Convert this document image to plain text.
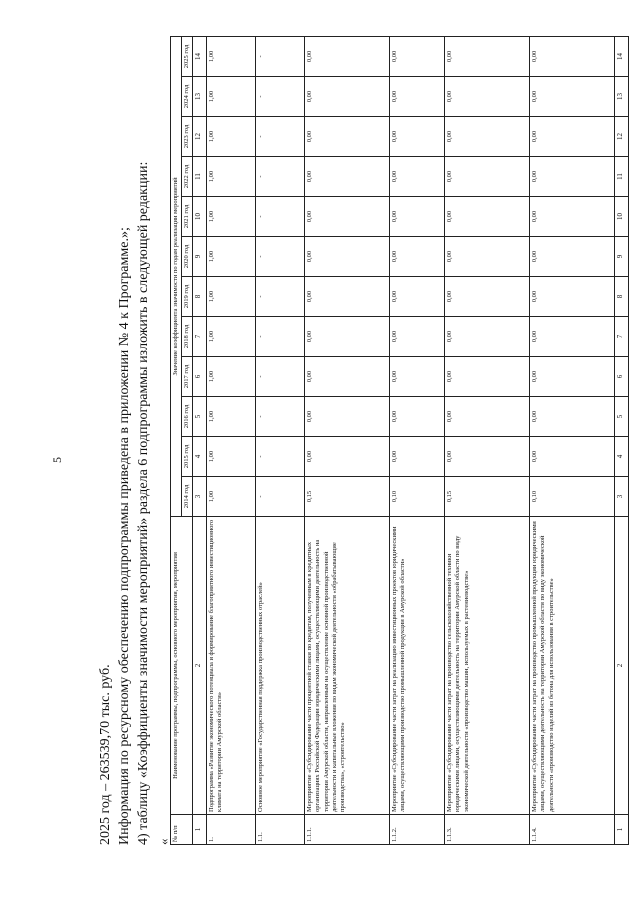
5
2025 год – 263539,70 тыс. руб. Информация по ресурсному обеспечению подпрограммы приведена в приложении № 4 к Программе.»; 4) таблицу «Коэффициенты значимости мероприятий» раздела 6 подпрограммы изложить в следующей редакции: « № п/п	Наименование программы, подпрограммы, основного мероприятия, мероприятия	Значение коэффициента значимости по годам реализации мероприятий											
		2014 год	2015 год	2016 год	2017 год	2018 год	2019 год	2020 год	2021 год	2022 год	2023 год	2024 год	2025 год
1	2	3	4	5	6	7	8	9	10	11	12	13	14
1.	Подпрограмма «Развитие экономического потенциала и формирование благоприятного инвестиционного климата на территории Амурской области»	1,00	1,00	1,00	1,00	1,00	1,00	1,00	1,00	1,00	1,00	1,00	1,00
1.1.	Основное мероприятие «Государственная поддержка производственных отраслей»	-	-	-	-	-	-	-	-	-	-	-	-
1.1.1.	Мероприятие «Субсидирование части процентной ставки по кредитам, полученным в кредитных организациях Российской Федерации юридическими лицами, осуществляющими деятельность на территории Амурской области, направленным на осуществление основной производственной деятельности и капитальные вложения по видам экономической деятельности «обрабатывающие производства», «строительство»	0,15	0,00	0,00	0,00	0,00	0,00	0,00	0,00	0,00	0,00	0,00	0,00
1.1.2.	Мероприятие «Субсидирование части затрат на реализацию инвестиционных проектов юридическими лицами, осуществляющими производство промышленной продукции в Амурской области»	0,10	0,00	0,00	0,00	0,00	0,00	0,00	0,00	0,00	0,00	0,00	0,00
1.1.3.	Мероприятие «Субсидирование части затрат на производство сельскохозяйственной техники юридическими лицами, осуществляющими деятельность на территории Амурской области по виду экономической деятельности «производство машин, используемых в растениеводстве»	0,15	0,00	0,00	0,00	0,00	0,00	0,00	0,00	0,00	0,00	0,00	0,00
1.1.4.	Мероприятие «Субсидирование части затрат на производство промышленной продукции юридическими лицами, осуществляющими деятельность на территории Амурской области по виду экономической деятельности «производство изделий из бетона для использования в строительстве»	0,10	0,00	0,00	0,00	0,00	0,00	0,00	0,00	0,00	0,00	0,00	0,00
1	2	3	4	5	6	7	8	9	10	11	12	13	14
